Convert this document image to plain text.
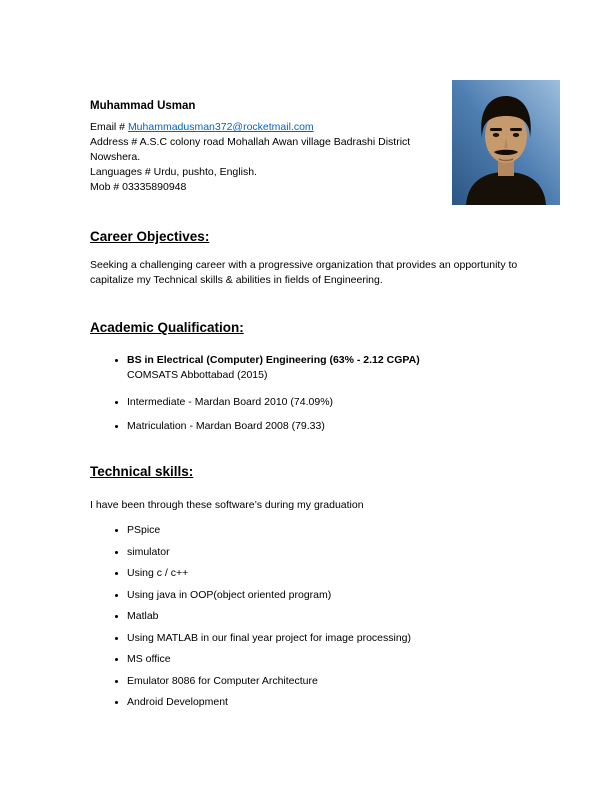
Muhammad Usman

Email # Muhammadusman372@rocketmail.com

Address # A.S.C colony road Mohallah Awan village Badrashi District Nowshera.

Languages # Urdu, pushto, English.

Mob # 03335890948

Career Objectives:

Seeking a challenging career with a progressive organization that provides an opportunity to capitalize my Technical skills & abilities in fields of Engineering.

Academic Qualification:
• BS in Electrical (Computer) Engineering (63% - 2.12 CGPA)
COMSATS Abbottabad (2015)
• Intermediate - Mardan Board 2010 (74.09%)
• Matriculation - Mardan Board 2008 (79.33)
Technical skills:

I have been through these software’s during my graduation

• PSpice
• simulator
• Using c / c++
• Using java in OOP(object oriented program)
• Matlab
• Using MATLAB in our final year project for image processing)
• MS office
• Emulator 8086 for Computer Architecture
• Android Development
